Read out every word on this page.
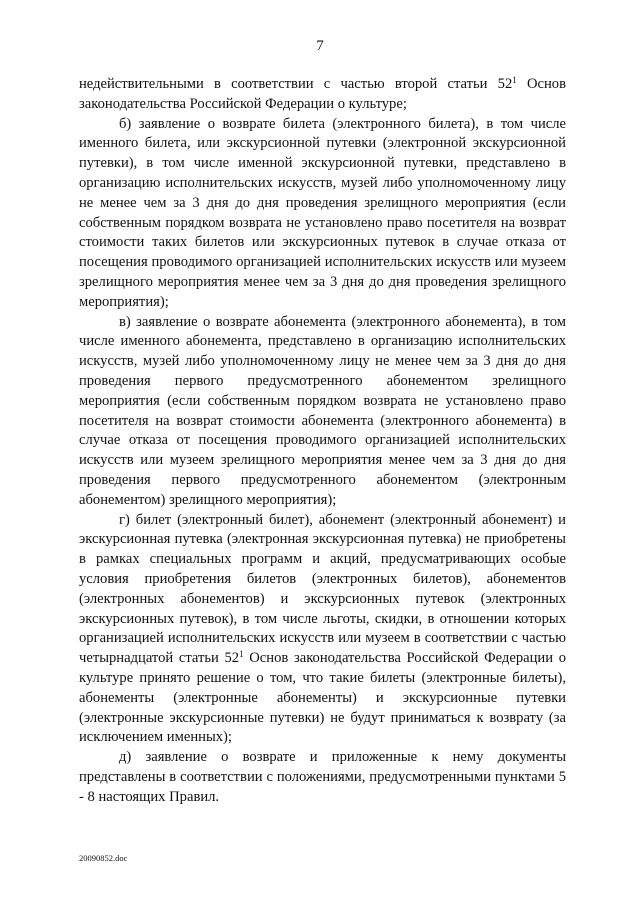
7

недействительными в соответствии с частью второй статьи $52^1$ Основ законодательства Российской Федерации о культуре;

б) заявление о возврате билета (электронного билета), в том числе именного билета, или экскурсионной путевки (электронной экскурсионной путевки), в том числе именной экскурсионной путевки, представлено в организацию исполнительских искусств, музей либо уполномоченному лицу не менее чем за 3 дня до дня проведения зрелищного мероприятия (если собственным порядком возврата не установлено право посетителя на возврат стоимости таких билетов или экскурсионных путевок в случае отказа от посещения проводимого организацией исполнительских искусств или музеем зрелищного мероприятия менее чем за 3 дня до дня проведения зрелищного мероприятия);

в) заявление о возврате абонемента (электронного абонемента), в том числе именного абонемента, представлено в организацию исполнительских искусств, музей либо уполномоченному лицу не менее чем за 3 дня до дня проведения первого предусмотренного абонементом зрелищного мероприятия (если собственным порядком возврата не установлено право посетителя на возврат стоимости абонемента (электронного абонемента) в случае отказа от посещения проводимого организацией исполнительских искусств или музеем зрелищного мероприятия менее чем за 3 дня до дня проведения первого предусмотренного абонементом (электронным абонементом) зрелищного мероприятия);

г) билет (электронный билет), абонемент (электронный абонемент) и экскурсионная путевка (электронная экскурсионная путевка) не приобретены в рамках специальных программ и акций, предусматривающих особые условия приобретения билетов (электронных билетов), абонементов (электронных абонементов) и экскурсионных путевок (электронных экскурсионных путевок), в том числе льготы, скидки, в отношении которых организацией исполнительских искусств или музеем в соответствии с частью четырнадцатой статьи $52^1$ Основ законодательства Российской Федерации о культуре принято решение о том, что такие билеты (электронные билеты), абонементы (электронные абонементы) и экскурсионные путевки (электронные экскурсионные путевки) не будут приниматься к возврату (за исключением именных);

д) заявление о возврате и приложенные к нему документы представлены в соответствии с положениями, предусмотренными пунктами 5 - 8 настоящих Правил.

20090852.doc
